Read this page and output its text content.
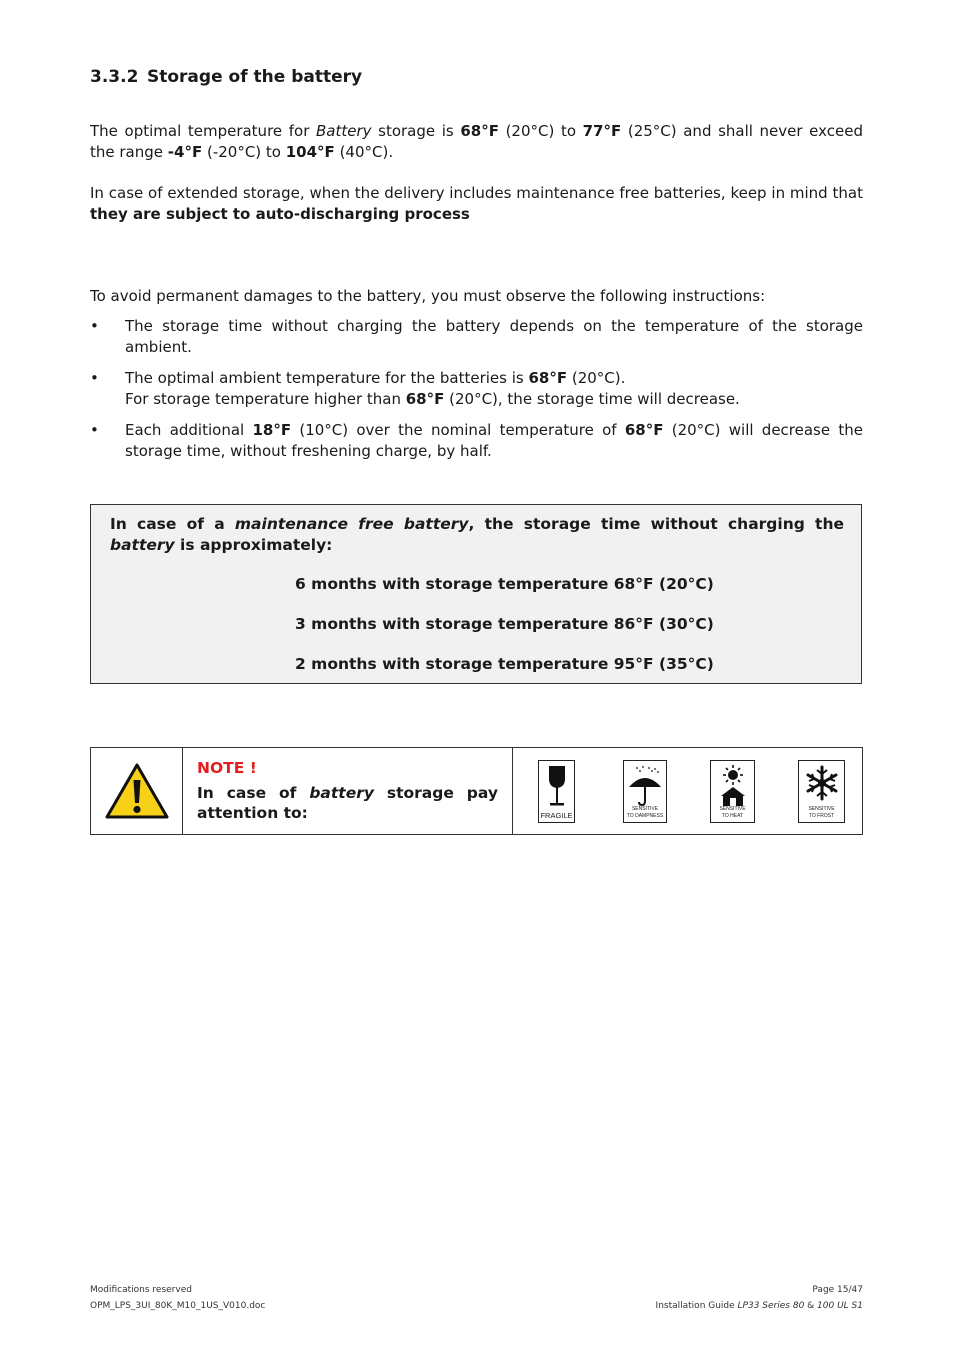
3.3.2 Storage of the battery
The optimal temperature for Battery storage is 68°F (20°C) to 77°F (25°C) and shall never exceed the range -4°F (-20°C) to 104°F (40°C).
In case of extended storage, when the delivery includes maintenance free batteries, keep in mind that they are subject to auto-discharging process
To avoid permanent damages to the battery, you must observe the following instructions:
• The storage time without charging the battery depends on the temperature of the storage ambient.
• The optimal ambient temperature for the batteries is 68°F (20°C).
For storage temperature higher than 68°F (20°C), the storage time will decrease.
• Each additional 18°F (10°C) over the nominal temperature of 68°F (20°C) will decrease the storage time, without freshening charge, by half.
In case of a maintenance free battery, the storage time without charging the battery is approximately:
6 months with storage temperature 68°F (20°C)
3 months with storage temperature 86°F (30°C)
2 months with storage temperature 95°F (35°C)
NOTE !
In case of battery storage pay attention to:	FRAGILE
SENSITIVE
TO DAMPNESS
SENSITIVE
TO HEAT
SENSITIVE
TO FROST
Modifications reserved
OPM_LPS_3UI_80K_M10_1US_V010.doc
Page 15/47
Installation Guide LP33 Series 80 & 100 UL S1
